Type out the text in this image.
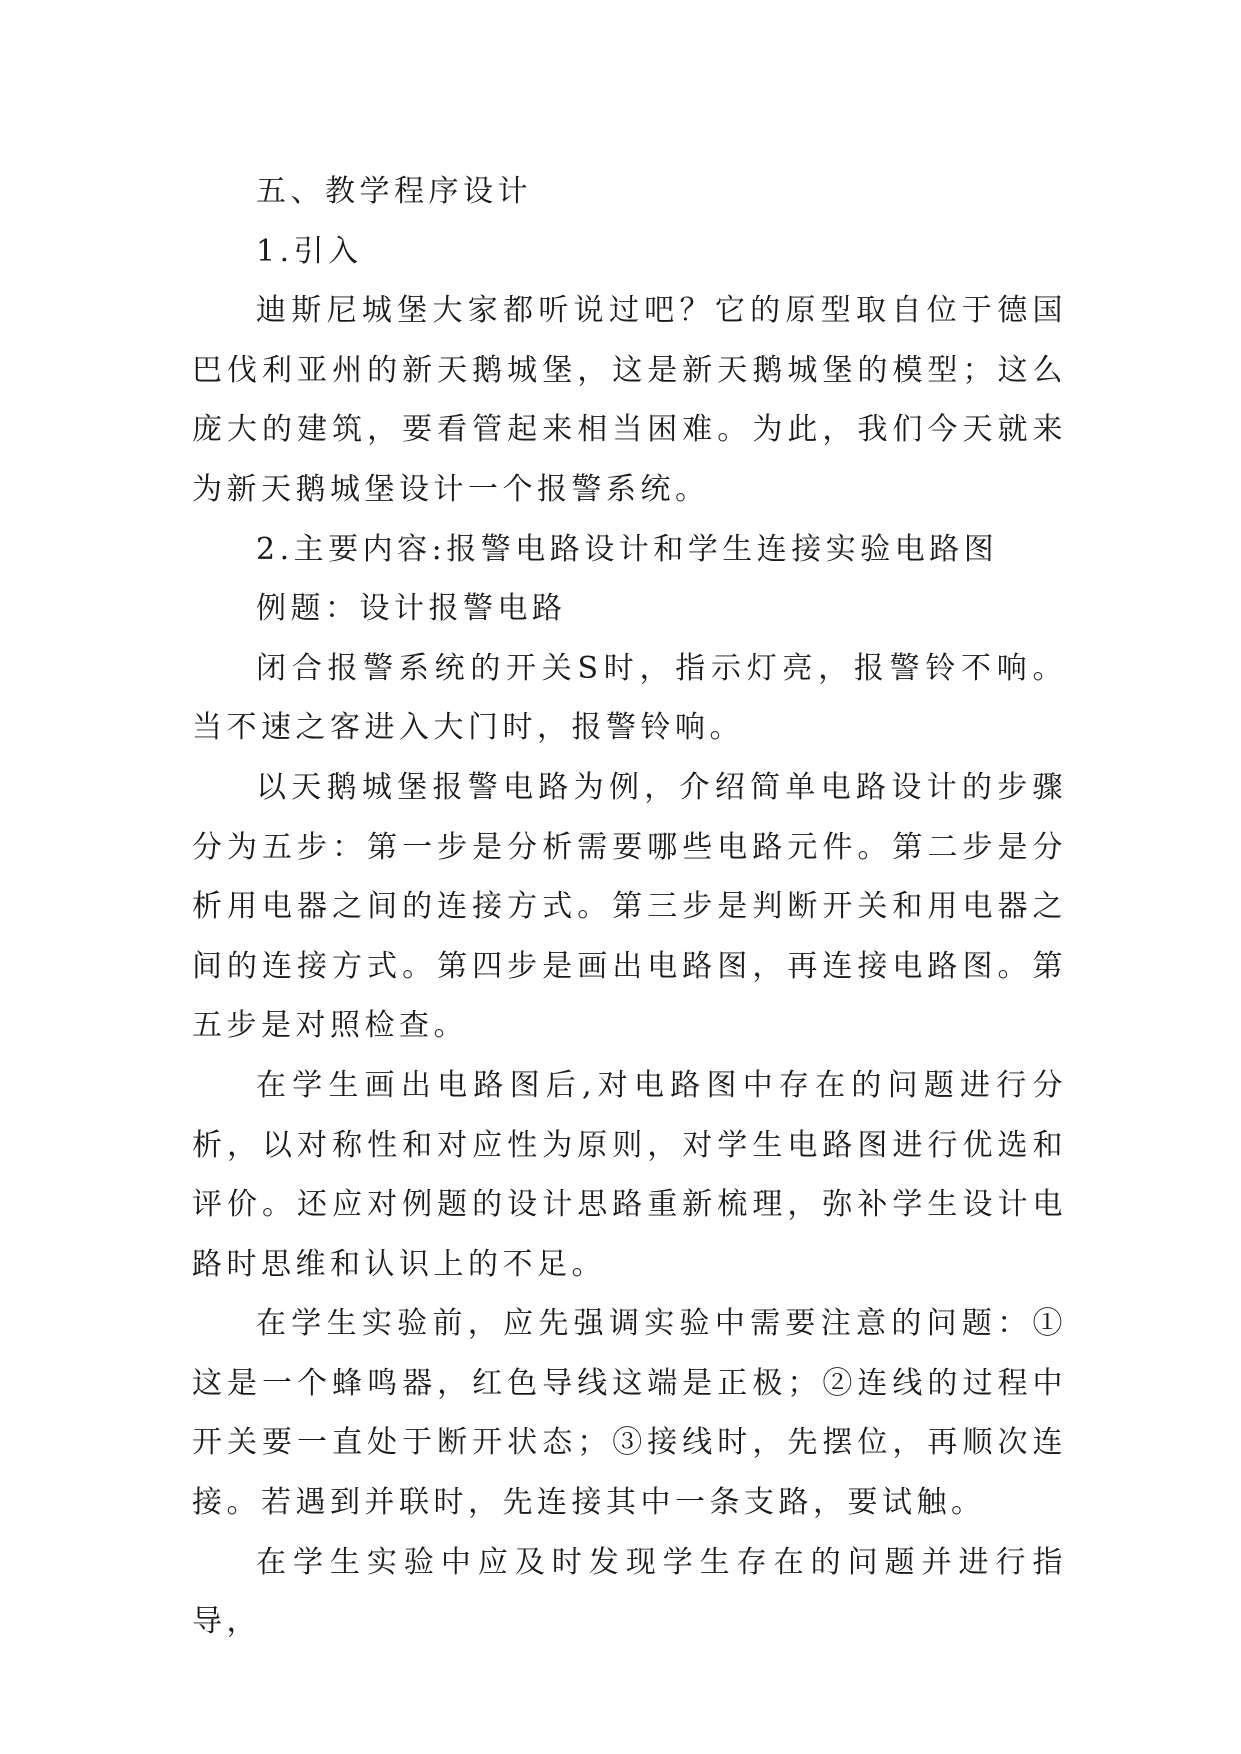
五、教学程序设计

1.引入

迪斯尼城堡大家都听说过吧？它的原型取自位于德国巴伐利亚州的新天鹅城堡，这是新天鹅城堡的模型；这么庞大的建筑，要看管起来相当困难。为此，我们今天就来为新天鹅城堡设计一个报警系统。

2.主要内容:报警电路设计和学生连接实验电路图

例题：设计报警电路

闭合报警系统的开关S时，指示灯亮，报警铃不响。当不速之客进入大门时，报警铃响。

以天鹅城堡报警电路为例，介绍简单电路设计的步骤分为五步：第一步是分析需要哪些电路元件。第二步是分析用电器之间的连接方式。第三步是判断开关和用电器之间的连接方式。第四步是画出电路图，再连接电路图。第五步是对照检查。

在学生画出电路图后,对电路图中存在的问题进行分析，以对称性和对应性为原则，对学生电路图进行优选和评价。还应对例题的设计思路重新梳理，弥补学生设计电路时思维和认识上的不足。

在学生实验前，应先强调实验中需要注意的问题：①这是一个蜂鸣器，红色导线这端是正极；②连线的过程中开关要一直处于断开状态；③接线时，先摆位，再顺次连接。若遇到并联时，先连接其中一条支路，要试触。

在学生实验中应及时发现学生存在的问题并进行指导，
